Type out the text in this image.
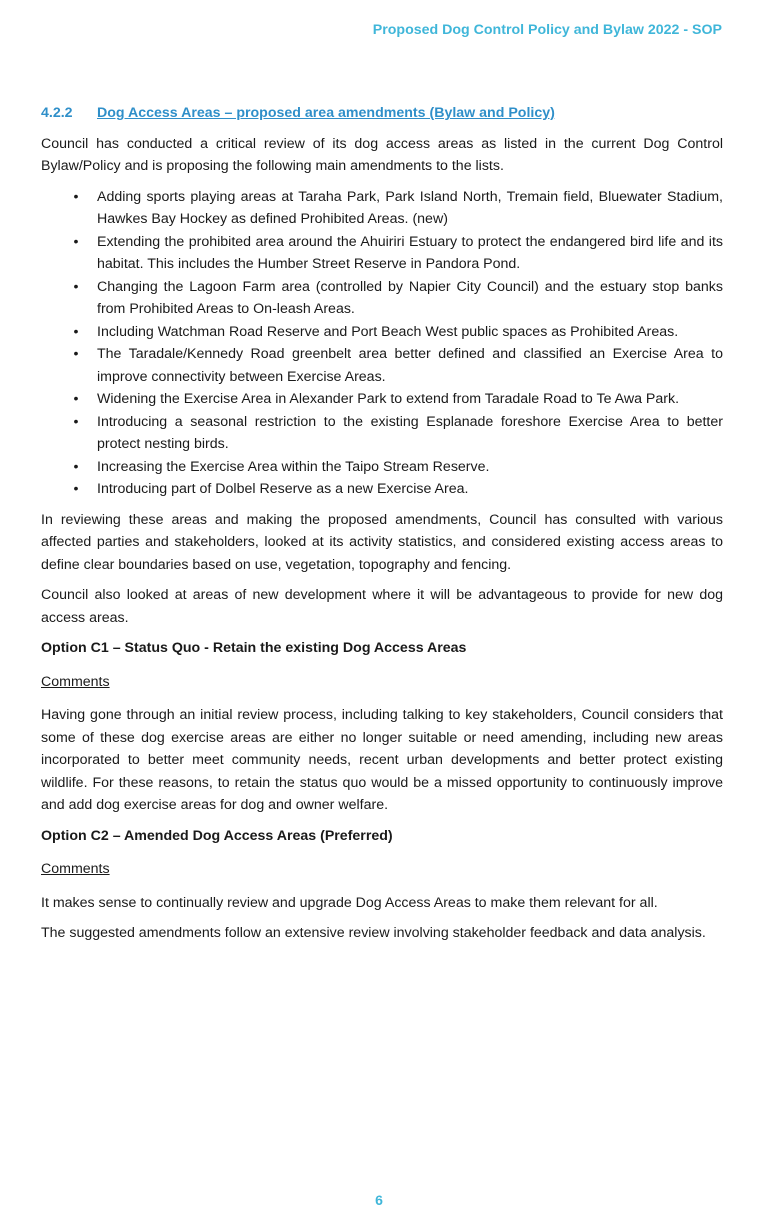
Proposed Dog Control Policy and Bylaw 2022 - SOP
4.2.2 Dog Access Areas – proposed area amendments (Bylaw and Policy)

Council has conducted a critical review of its dog access areas as listed in the current Dog Control Bylaw/Policy and is proposing the following main amendments to the lists.

• Adding sports playing areas at Taraha Park, Park Island North, Tremain field, Bluewater Stadium, Hawkes Bay Hockey as defined Prohibited Areas. (new)
• Extending the prohibited area around the Ahuiriri Estuary to protect the endangered bird life and its habitat. This includes the Humber Street Reserve in Pandora Pond.
• Changing the Lagoon Farm area (controlled by Napier City Council) and the estuary stop banks from Prohibited Areas to On-leash Areas.
• Including Watchman Road Reserve and Port Beach West public spaces as Prohibited Areas.
• The Taradale/Kennedy Road greenbelt area better defined and classified an Exercise Area to improve connectivity between Exercise Areas.
• Widening the Exercise Area in Alexander Park to extend from Taradale Road to Te Awa Park.
• Introducing a seasonal restriction to the existing Esplanade foreshore Exercise Area to better protect nesting birds.
• Increasing the Exercise Area within the Taipo Stream Reserve.
• Introducing part of Dolbel Reserve as a new Exercise Area.

In reviewing these areas and making the proposed amendments, Council has consulted with various affected parties and stakeholders, looked at its activity statistics, and considered existing access areas to define clear boundaries based on use, vegetation, topography and fencing.

Council also looked at areas of new development where it will be advantageous to provide for new dog access areas.

Option C1 – Status Quo - Retain the existing Dog Access Areas
Comments

Having gone through an initial review process, including talking to key stakeholders, Council considers that some of these dog exercise areas are either no longer suitable or need amending, including new areas incorporated to better meet community needs, recent urban developments and better protect existing wildlife. For these reasons, to retain the status quo would be a missed opportunity to continuously improve and add dog exercise areas for dog and owner welfare.

Option C2 – Amended Dog Access Areas (Preferred)
Comments

It makes sense to continually review and upgrade Dog Access Areas to make them relevant for all.

The suggested amendments follow an extensive review involving stakeholder feedback and data analysis.

6
